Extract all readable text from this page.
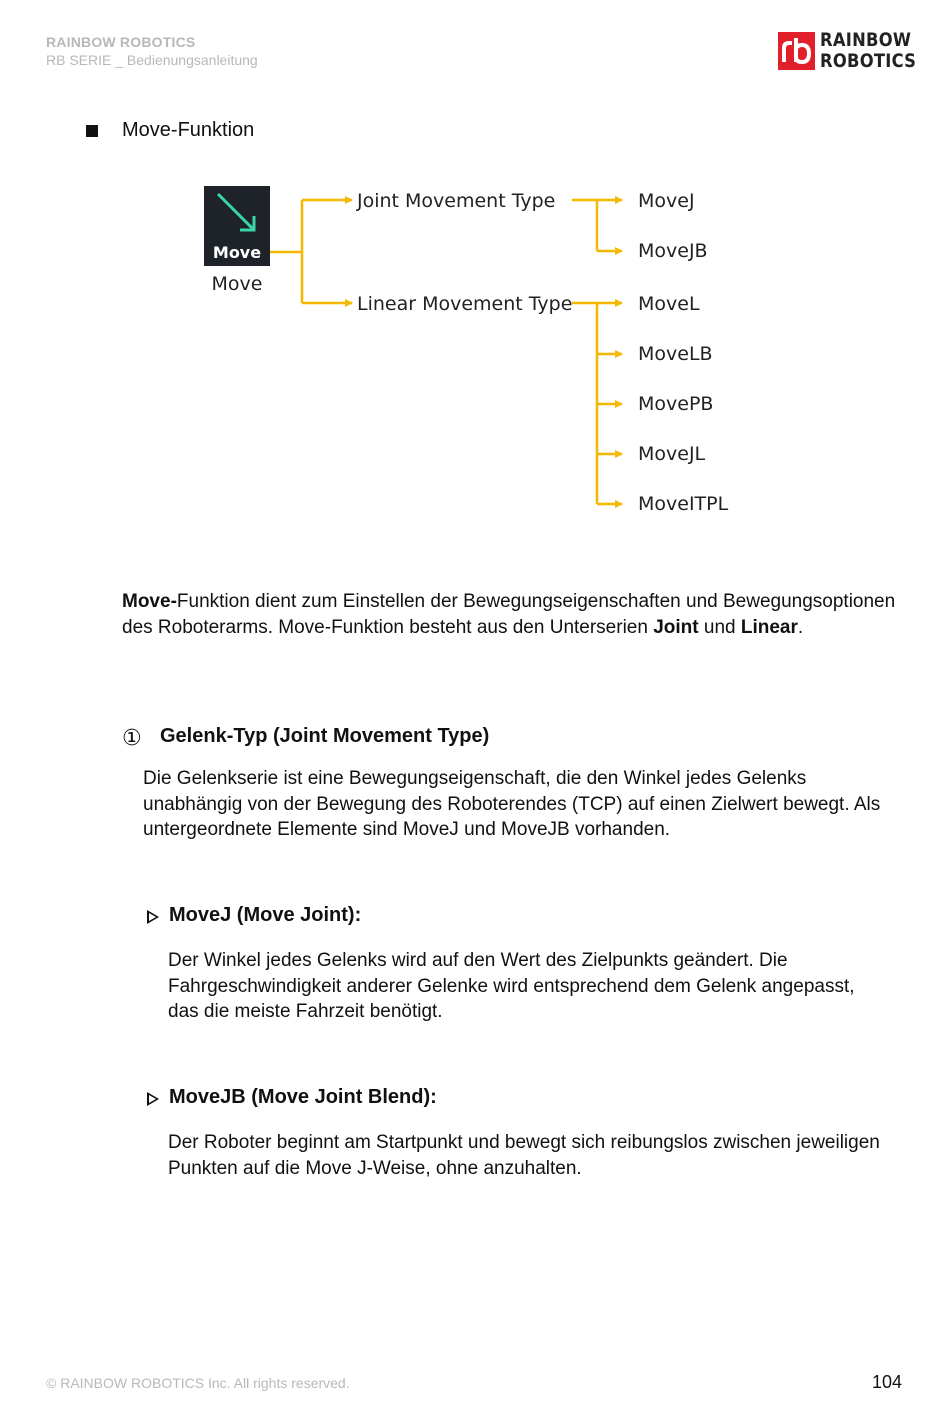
RAINBOW ROBOTICS
RB SERIE _ Bedienungsanleitung
RAINBOW
ROBOTICS
Move-Funktion
Move
Move
Joint Movement Type
Linear Movement Type
MoveJ
MoveJB
MoveL
MoveLB
MovePB
MoveJL
MoveITPL
Move-Funktion dient zum Einstellen der Bewegungseigenschaften und Bewegungsoptionen des Roboterarms. Move-Funktion besteht aus den Unterserien Joint und Linear.
① Gelenk-Typ (Joint Movement Type)
Die Gelenkserie ist eine Bewegungseigenschaft, die den Winkel jedes Gelenks unabhängig von der Bewegung des Roboterendes (TCP) auf einen Zielwert bewegt. Als untergeordnete Elemente sind MoveJ und MoveJB vorhanden.
MoveJ (Move Joint):
Der Winkel jedes Gelenks wird auf den Wert des Zielpunkts geändert. Die Fahrgeschwindigkeit anderer Gelenke wird entsprechend dem Gelenk angepasst, das die meiste Fahrzeit benötigt.
MoveJB (Move Joint Blend):
Der Roboter beginnt am Startpunkt und bewegt sich reibungslos zwischen jeweiligen Punkten auf die Move J-Weise, ohne anzuhalten.
© RAINBOW ROBOTICS Inc. All rights reserved.	104
